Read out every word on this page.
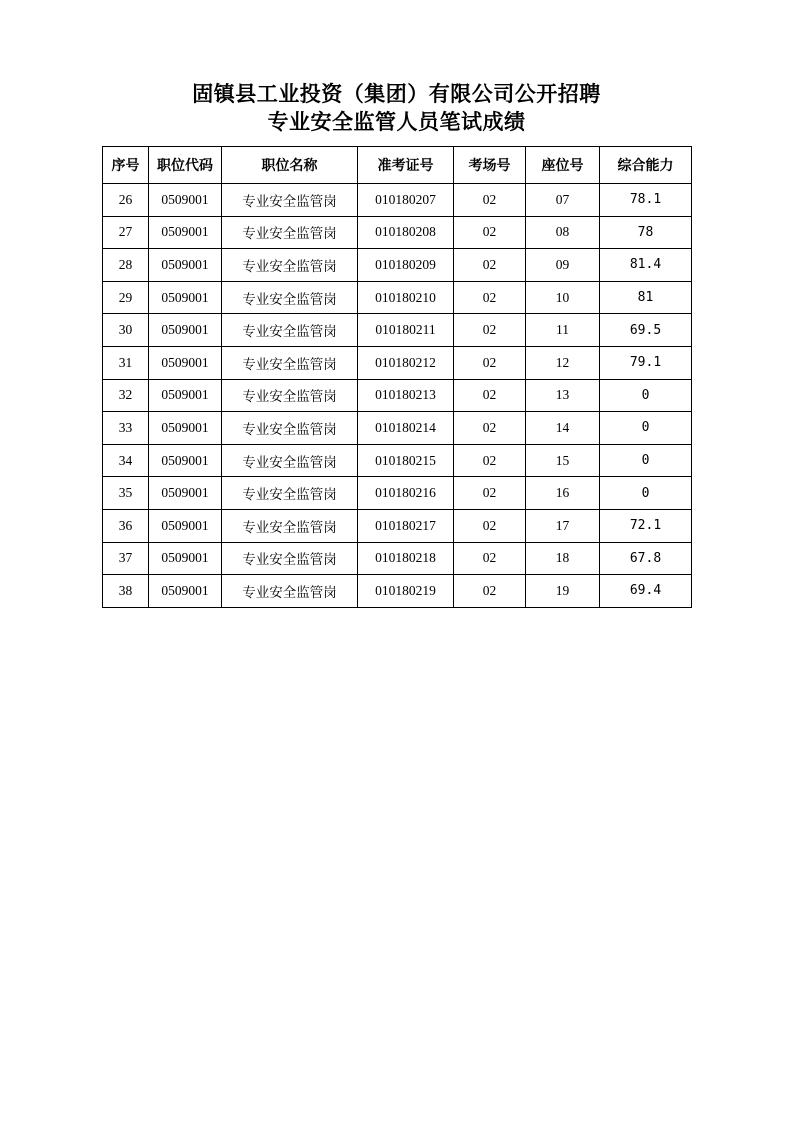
固镇县工业投资（集团）有限公司公开招聘
专业安全监管人员笔试成绩
序号	职位代码	职位名称	准考证号	考场号	座位号	综合能力
26	0509001	专业安全监管岗	010180207	02	07	78.1
27	0509001	专业安全监管岗	010180208	02	08	78
28	0509001	专业安全监管岗	010180209	02	09	81.4
29	0509001	专业安全监管岗	010180210	02	10	81
30	0509001	专业安全监管岗	010180211	02	11	69.5
31	0509001	专业安全监管岗	010180212	02	12	79.1
32	0509001	专业安全监管岗	010180213	02	13	0
33	0509001	专业安全监管岗	010180214	02	14	0
34	0509001	专业安全监管岗	010180215	02	15	0
35	0509001	专业安全监管岗	010180216	02	16	0
36	0509001	专业安全监管岗	010180217	02	17	72.1
37	0509001	专业安全监管岗	010180218	02	18	67.8
38	0509001	专业安全监管岗	010180219	02	19	69.4
